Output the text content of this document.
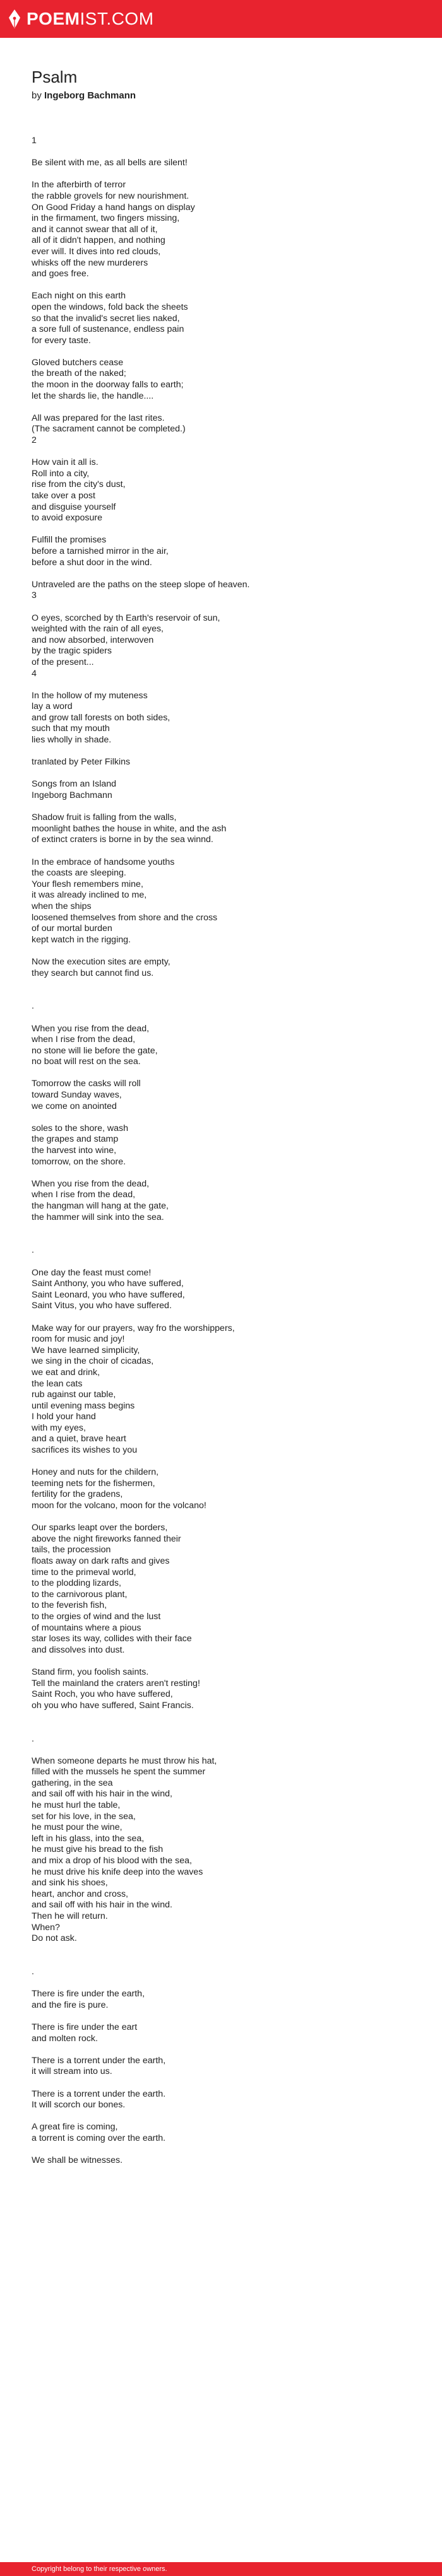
POEMIST.COM
Psalm
by Ingeborg Bachmann
1
Be silent with me, as all bells are silent!
In the afterbirth of terror
the rabble grovels for new nourishment.
On Good Friday a hand hangs on display
in the firmament, two fingers missing,
and it cannot swear that all of it,
all of it didn't happen, and nothing
ever will. It dives into red clouds,
whisks off the new murderers
and goes free.
Each night on this earth
open the windows, fold back the sheets
so that the invalid's secret lies naked,
a sore full of sustenance, endless pain
for every taste.
Gloved butchers cease
the breath of the naked;
the moon in the doorway falls to earth;
let the shards lie, the handle....
All was prepared for the last rites.
(The sacrament cannot be completed.)
2
How vain it all is.
Roll into a city,
rise from the city's dust,
take over a post
and disguise yourself
to avoid exposure
Fulfill the promises
before a tarnished mirror in the air,
before a shut door in the wind.
Untraveled are the paths on the steep slope of heaven.
3
O eyes, scorched by th Earth's reservoir of sun,
weighted with the rain of all eyes,
and now absorbed, interwoven
by the tragic spiders
of the present...
4
In the hollow of my muteness
lay a word
and grow tall forests on both sides,
such that my mouth
lies wholly in shade.
tranlated by Peter Filkins
Songs from an Island
Ingeborg Bachmann
Shadow fruit is falling from the walls,
moonlight bathes the house in white, and the ash
of extinct craters is borne in by the sea winnd.
In the embrace of handsome youths
the coasts are sleeping.
Your flesh remembers mine,
it was already inclined to me,
when the ships
loosened themselves from shore and the cross
of our mortal burden
kept watch in the rigging.
Now the execution sites are empty,
they search but cannot find us.
.
When you rise from the dead,
when I rise from the dead,
no stone will lie before the gate,
no boat will rest on the sea.
Tomorrow the casks will roll
toward Sunday waves,
we come on anointed
soles to the shore, wash
the grapes and stamp
the harvest into wine,
tomorrow, on the shore.
When you rise from the dead,
when I rise from the dead,
the hangman will hang at the gate,
the hammer will sink into the sea.
.
One day the feast must come!
Saint Anthony, you who have suffered,
Saint Leonard, you who have suffered,
Saint Vitus, you who have suffered.
Make way for our prayers, way fro the worshippers,
room for music and joy!
We have learned simplicity,
we sing in the choir of cicadas,
we eat and drink,
the lean cats
rub against our table,
until evening mass begins
I hold your hand
with my eyes,
and a quiet, brave heart
sacrifices its wishes to you
Honey and nuts for the childern,
teeming nets for the fishermen,
fertility for the gradens,
moon for the volcano, moon for the volcano!
Our sparks leapt over the borders,
above the night fireworks fanned their
tails, the procession
floats away on dark rafts and gives
time to the primeval world,
to the plodding lizards,
to the carnivorous plant,
to the feverish fish,
to the orgies of wind and the lust
of mountains where a pious
star loses its way, collides with their face
and dissolves into dust.
Stand firm, you foolish saints.
Tell the mainland the craters aren't resting!
Saint Roch, you who have suffered,
oh you who have suffered, Saint Francis.
.
When someone departs he must throw his hat,
filled with the mussels he spent the summer
gathering, in the sea
and sail off with his hair in the wind,
he must hurl the table,
set for his love, in the sea,
he must pour the wine,
left in his glass, into the sea,
he must give his bread to the fish
and mix a drop of his blood with the sea,
he must drive his knife deep into the waves
and sink his shoes,
heart, anchor and cross,
and sail off with his hair in the wind.
Then he will return.
When?
Do not ask.
.
There is fire under the earth,
and the fire is pure.
There is fire under the eart
and molten rock.
There is a torrent under the earth,
it will stream into us.
There is a torrent under the earth.
It will scorch our bones.
A great fire is coming,
a torrent is coming over the earth.
We shall be witnesses.
Copyright belong to their respective owners.
